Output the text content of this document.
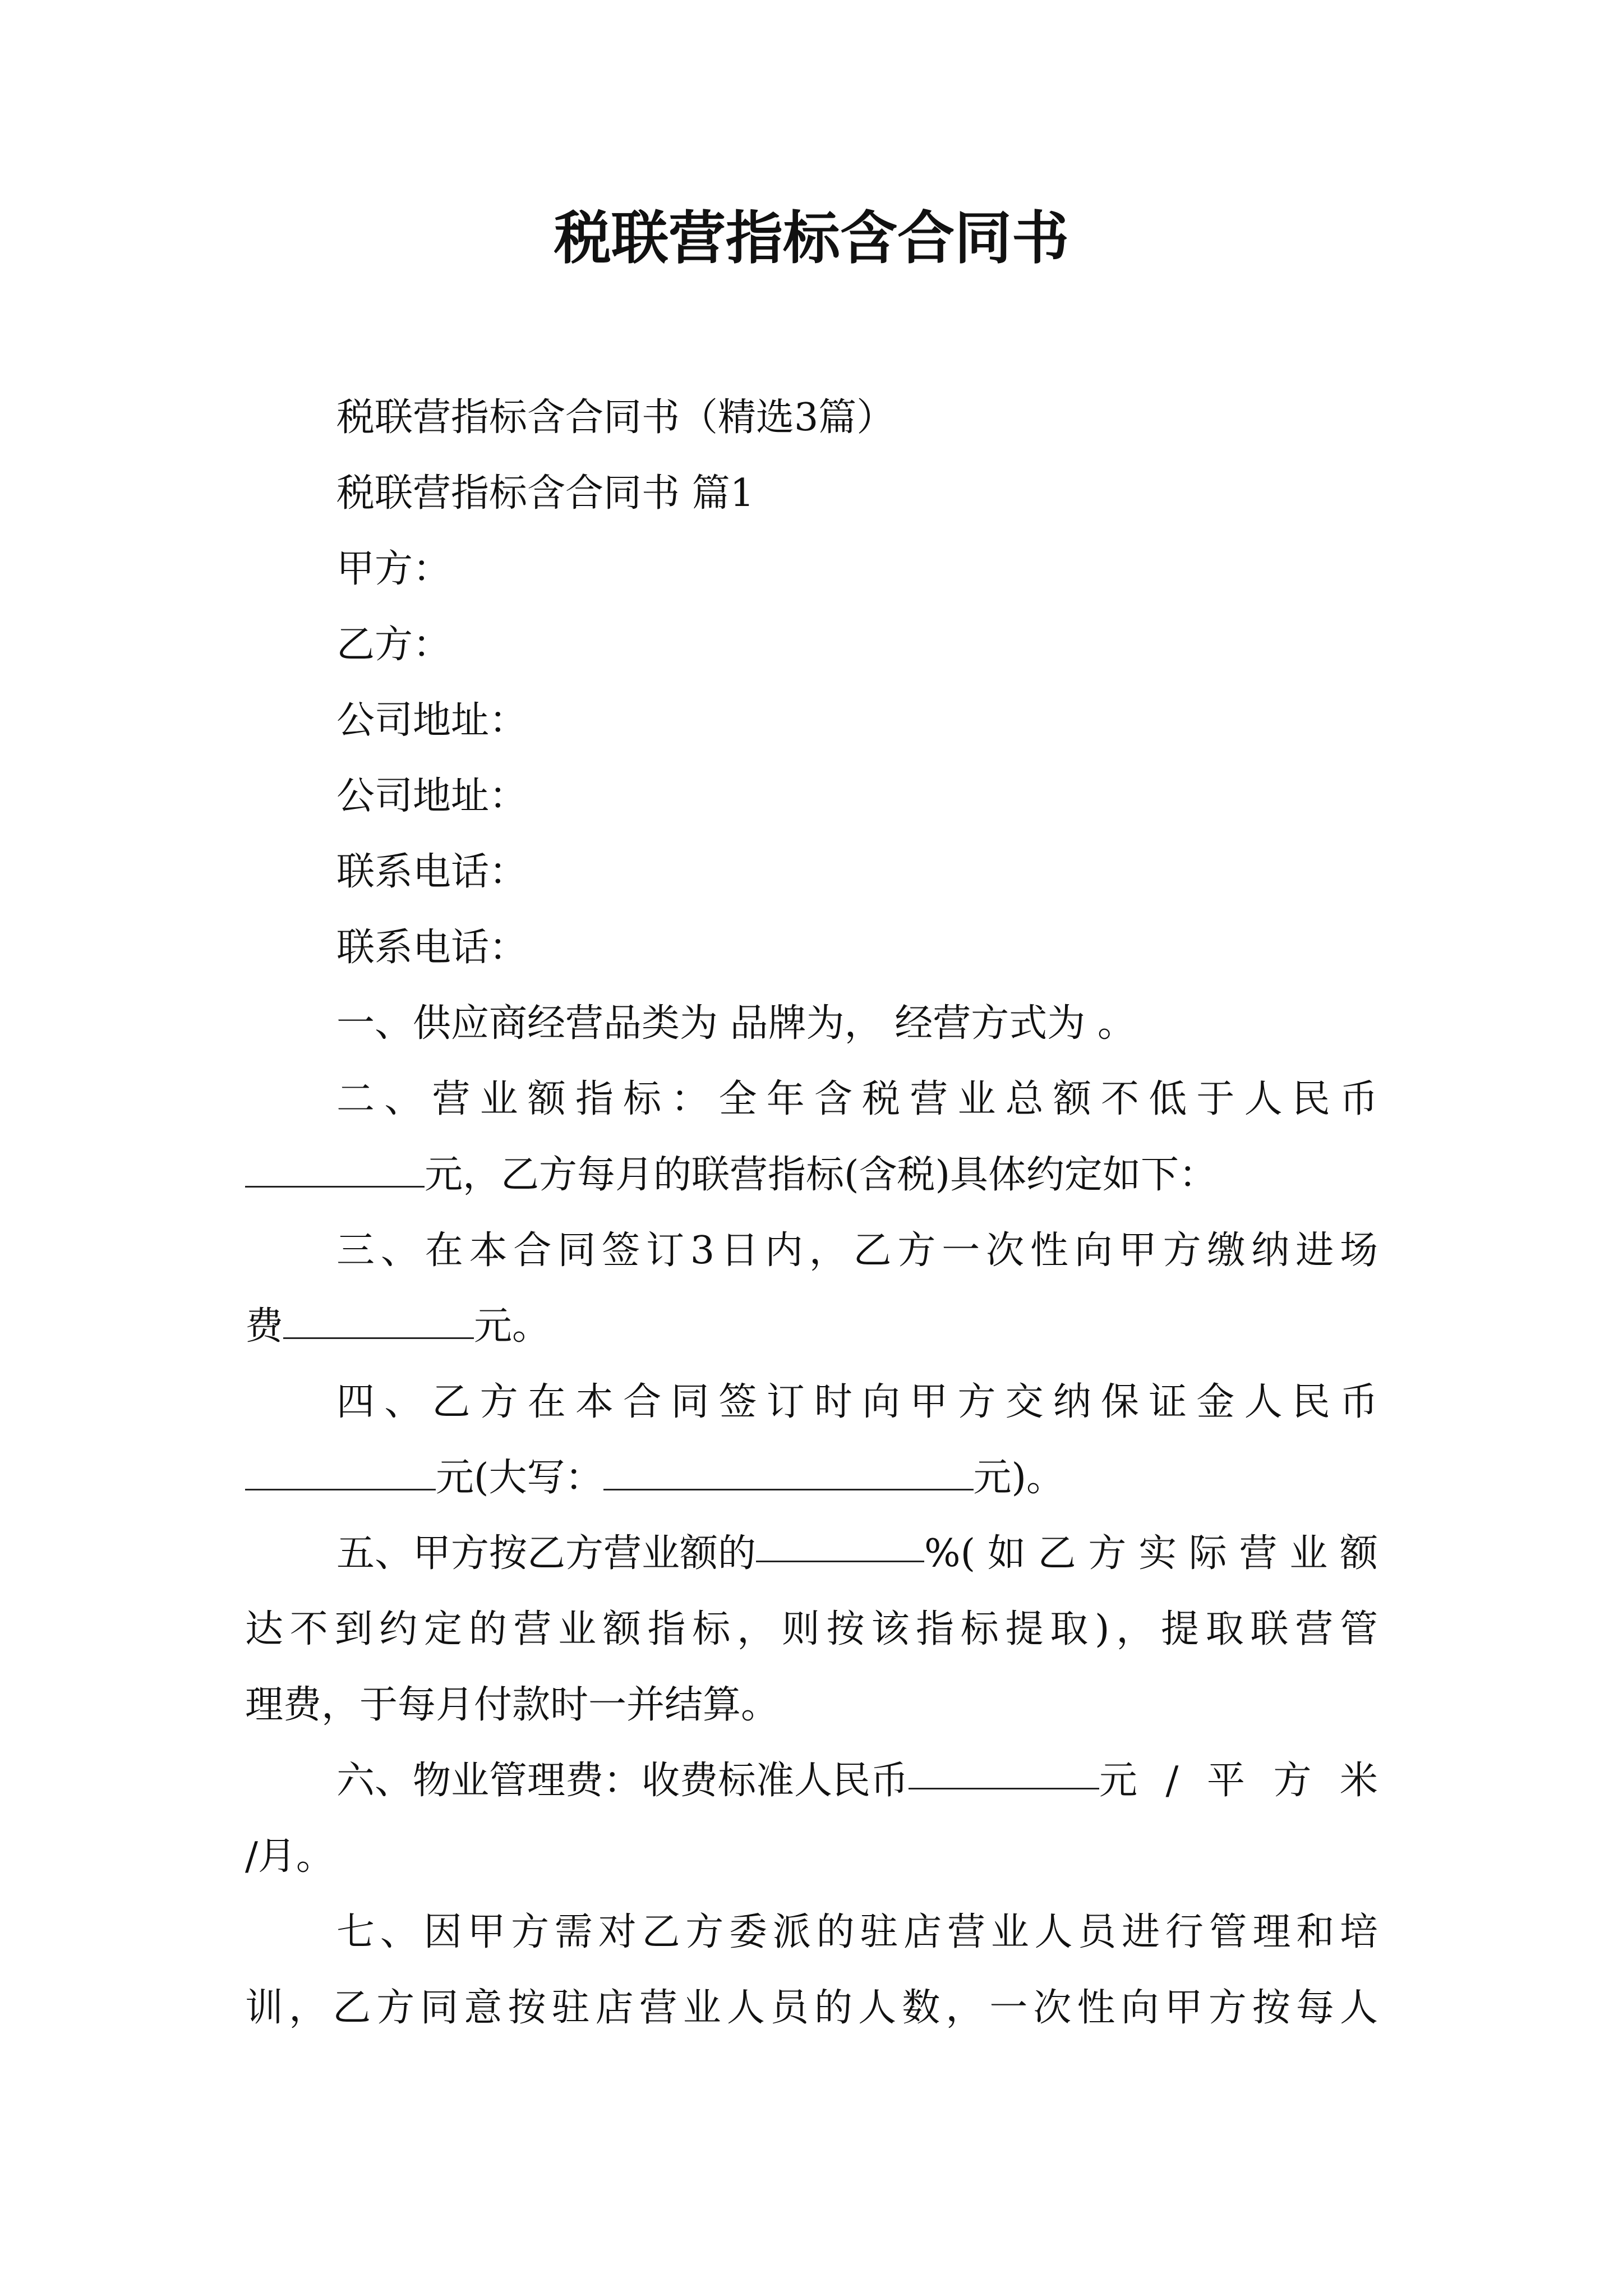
税联营指标含合同书
税联营指标含合同书（精选3篇）
税联营指标含合同书 篇1
甲方：
乙方：
公司地址：
公司地址：
联系电话：
联系电话：
一、供应商经营品类为 品牌为， 经营方式为 。
二、营业额指标：全年含税营业总额不低于人民币
元，乙方每月的联营指标(含税)具体约定如下：
三、在本合同签订3日内，乙方一次性向甲方缴纳进场
费	元。
四、乙方在本合同签订时向甲方交纳保证金人民币
元(大写：	元)。
五、甲方按乙方营业额的	%(如乙方实际营业额
达不到约定的营业额指标，则按该指标提取)，提取联营管
理费，于每月付款时一并结算。
六、物业管理费：收费标准人民币	元/平方米
/月。
七、因甲方需对乙方委派的驻店营业人员进行管理和培
训，乙方同意按驻店营业人员的人数，一次性向甲方按每人
